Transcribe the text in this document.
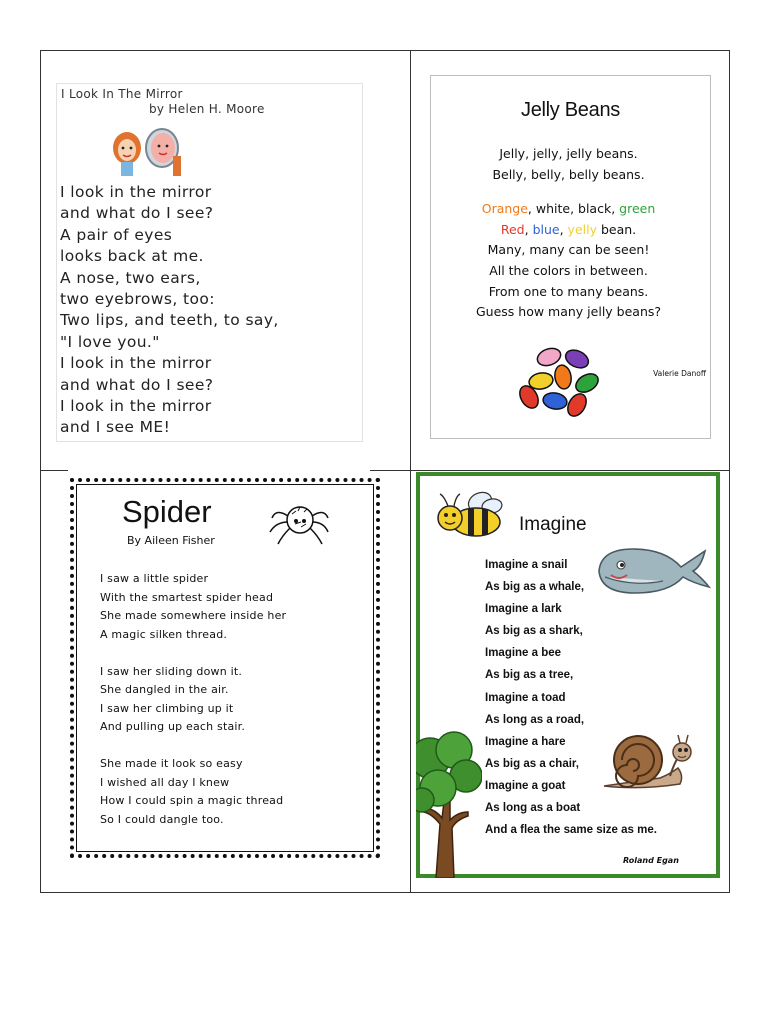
I Look In The Mirror
by Helen H. Moore
I look in the mirror
and what do I see?
A pair of eyes
looks back at me.
A nose, two ears,
two eyebrows, too:
Two lips, and teeth, to say,
"I love you."
I look in the mirror
and what do I see?
I look in the mirror
and I see ME!
Jelly Beans
Jelly, jelly, jelly beans.
Belly, belly, belly beans.
Orange, white, black, green
Red, blue, yelly bean.
Many, many can be seen!
All the colors in between.
From one to many beans.
Guess how many jelly beans?
Valerie Danoff
Spider
By Aileen Fisher
I saw a little spider
With the smartest spider head
She made somewhere inside her
A magic silken thread.
I saw her sliding down it.
She dangled in the air.
I saw her climbing up it
And pulling up each stair.
She made it look so easy
I wished all day I knew
How I could spin a magic thread
So I could dangle too.
Imagine
Imagine a snail
As big as a whale,
Imagine a lark
As big as a shark,
Imagine a bee
As big as a tree,
Imagine a toad
As long as a road,
Imagine a hare
As big as a chair,
Imagine a goat
As long as a boat
And a flea the same size as me.
Roland Egan
